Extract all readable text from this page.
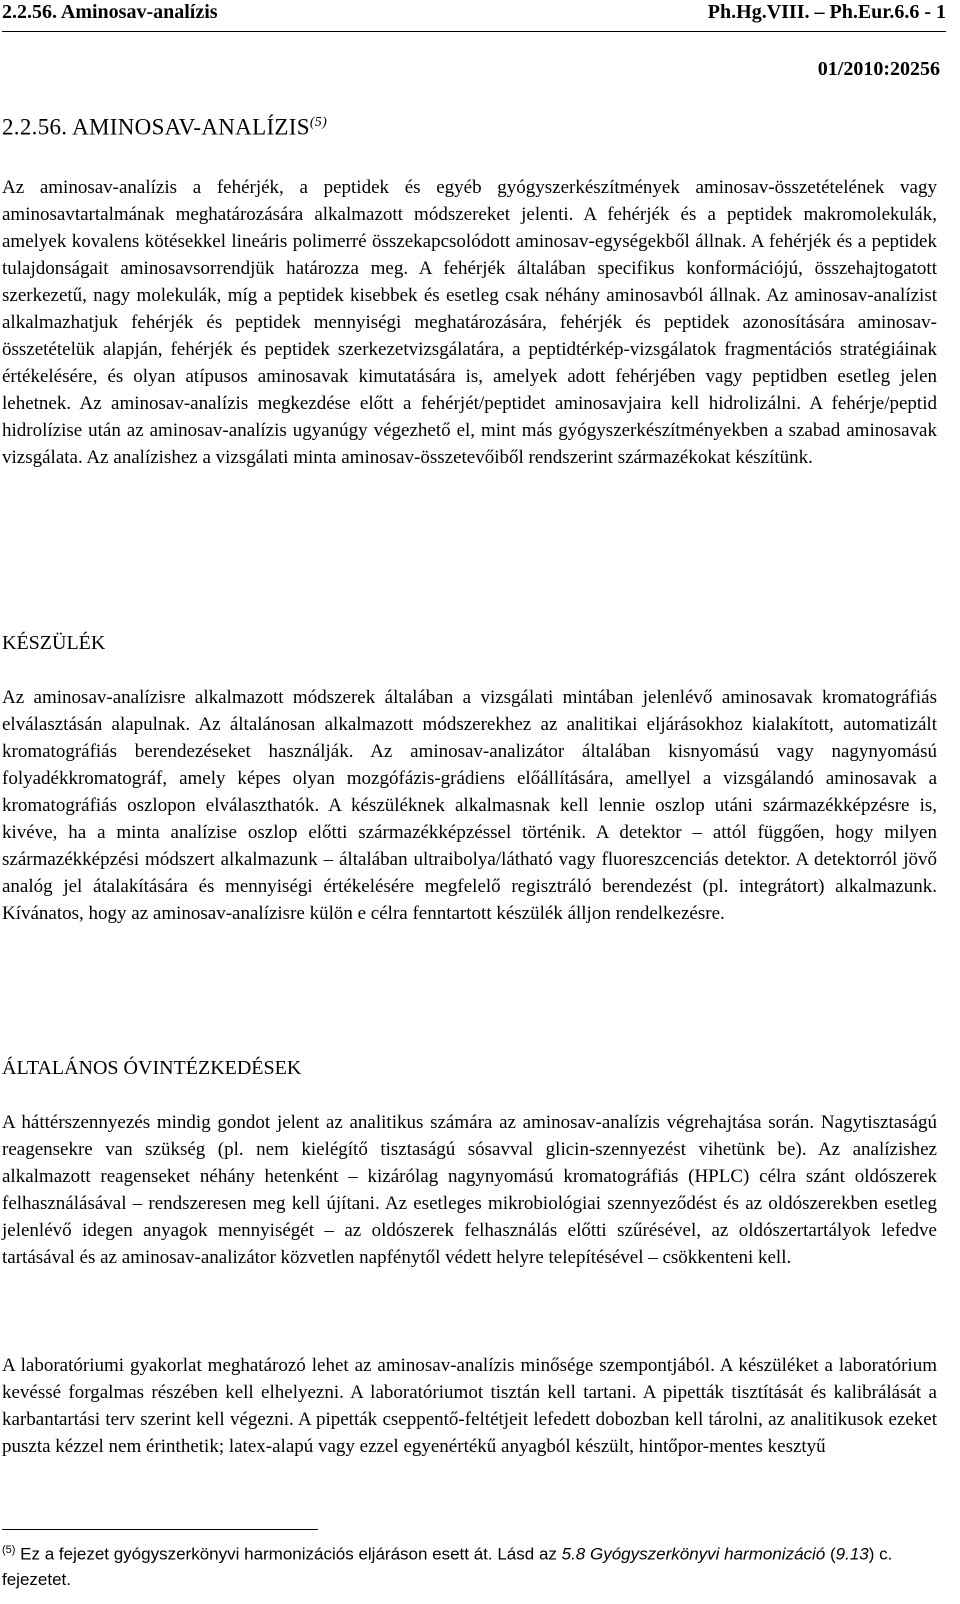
2.2.56. Aminosav-analízis	Ph.Hg.VIII. – Ph.Eur.6.6 - 1
01/2010:20256
2.2.56. AMINOSAV-ANALÍZIS$^{(5)}$
Az aminosav-analízis a fehérjék, a peptidek és egyéb gyógyszerkészítmények aminosav-összetételének vagy aminosavtartalmának meghatározására alkalmazott módszereket jelenti. A fehérjék és a peptidek makromolekulák, amelyek kovalens kötésekkel lineáris polimerré összekapcsolódott aminosav-egységekből állnak. A fehérjék és a peptidek tulajdonságait aminosavsorrendjük határozza meg. A fehérjék általában specifikus konformációjú, összehajtogatott szerkezetű, nagy molekulák, míg a peptidek kisebbek és esetleg csak néhány aminosavból állnak. Az aminosav-analízist alkalmazhatjuk fehérjék és peptidek mennyiségi meghatározására, fehérjék és peptidek azonosítására aminosav-összetételük alapján, fehérjék és peptidek szerkezetvizsgálatára, a peptidtérkép-vizsgálatok fragmentációs stratégiáinak értékelésére, és olyan atípusos aminosavak kimutatására is, amelyek adott fehérjében vagy peptidben esetleg jelen lehetnek. Az aminosav-analízis megkezdése előtt a fehérjét/peptidet aminosavjaira kell hidrolizálni. A fehérje/peptid hidrolízise után az aminosav-analízis ugyanúgy végezhető el, mint más gyógyszerkészítményekben a szabad aminosavak vizsgálata. Az analízishez a vizsgálati minta aminosav-összetevőiből rendszerint származékokat készítünk.
KÉSZÜLÉK
Az aminosav-analízisre alkalmazott módszerek általában a vizsgálati mintában jelenlévő aminosavak kromatográfiás elválasztásán alapulnak. Az általánosan alkalmazott módszerekhez az analitikai eljárásokhoz kialakított, automatizált kromatográfiás berendezéseket használják. Az aminosav-analizátor általában kisnyomású vagy nagynyomású folyadékkromatográf, amely képes olyan mozgófázis-grádiens előállítására, amellyel a vizsgálandó aminosavak a kromatográfiás oszlopon elválaszthatók. A készüléknek alkalmasnak kell lennie oszlop utáni származékképzésre is, kivéve, ha a minta analízise oszlop előtti származékképzéssel történik. A detektor – attól függően, hogy milyen származékképzési módszert alkalmazunk – általában ultraibolya/látható vagy fluoreszcenciás detektor. A detektorról jövő analóg jel átalakítására és mennyiségi értékelésére megfelelő regisztráló berendezést (pl. integrátort) alkalmazunk. Kívánatos, hogy az aminosav-analízisre külön e célra fenntartott készülék álljon rendelkezésre.
ÁLTALÁNOS ÓVINTÉZKEDÉSEK
A háttérszennyezés mindig gondot jelent az analitikus számára az aminosav-analízis végrehajtása során. Nagytisztaságú reagensekre van szükség (pl. nem kielégítő tisztaságú sósavval glicin-szennyezést vihetünk be). Az analízishez alkalmazott reagenseket néhány hetenként – kizárólag nagynyomású kromatográfiás (HPLC) célra szánt oldószerek felhasználásával – rendszeresen meg kell újítani. Az esetleges mikrobiológiai szennyeződést és az oldószerekben esetleg jelenlévő idegen anyagok mennyiségét – az oldószerek felhasználás előtti szűrésével, az oldószertartályok lefedve tartásával és az aminosav-analizátor közvetlen napfénytől védett helyre telepítésével – csökkenteni kell.
A laboratóriumi gyakorlat meghatározó lehet az aminosav-analízis minősége szempontjából. A készüléket a laboratórium kevéssé forgalmas részében kell elhelyezni. A laboratóriumot tisztán kell tartani. A pipetták tisztítását és kalibrálását a karbantartási terv szerint kell végezni. A pipetták cseppentő-feltétjeit lefedett dobozban kell tárolni, az analitikusok ezeket puszta kézzel nem érinthetik; latex-alapú vagy ezzel egyenértékű anyagból készült, hintőpor-mentes kesztyű
$^{(5)}$ Ez a fejezet gyógyszerkönyvi harmonizációs eljáráson esett át. Lásd az 5.8 Gyógyszerkönyvi harmonizáció (9.13) c. fejezetet.
